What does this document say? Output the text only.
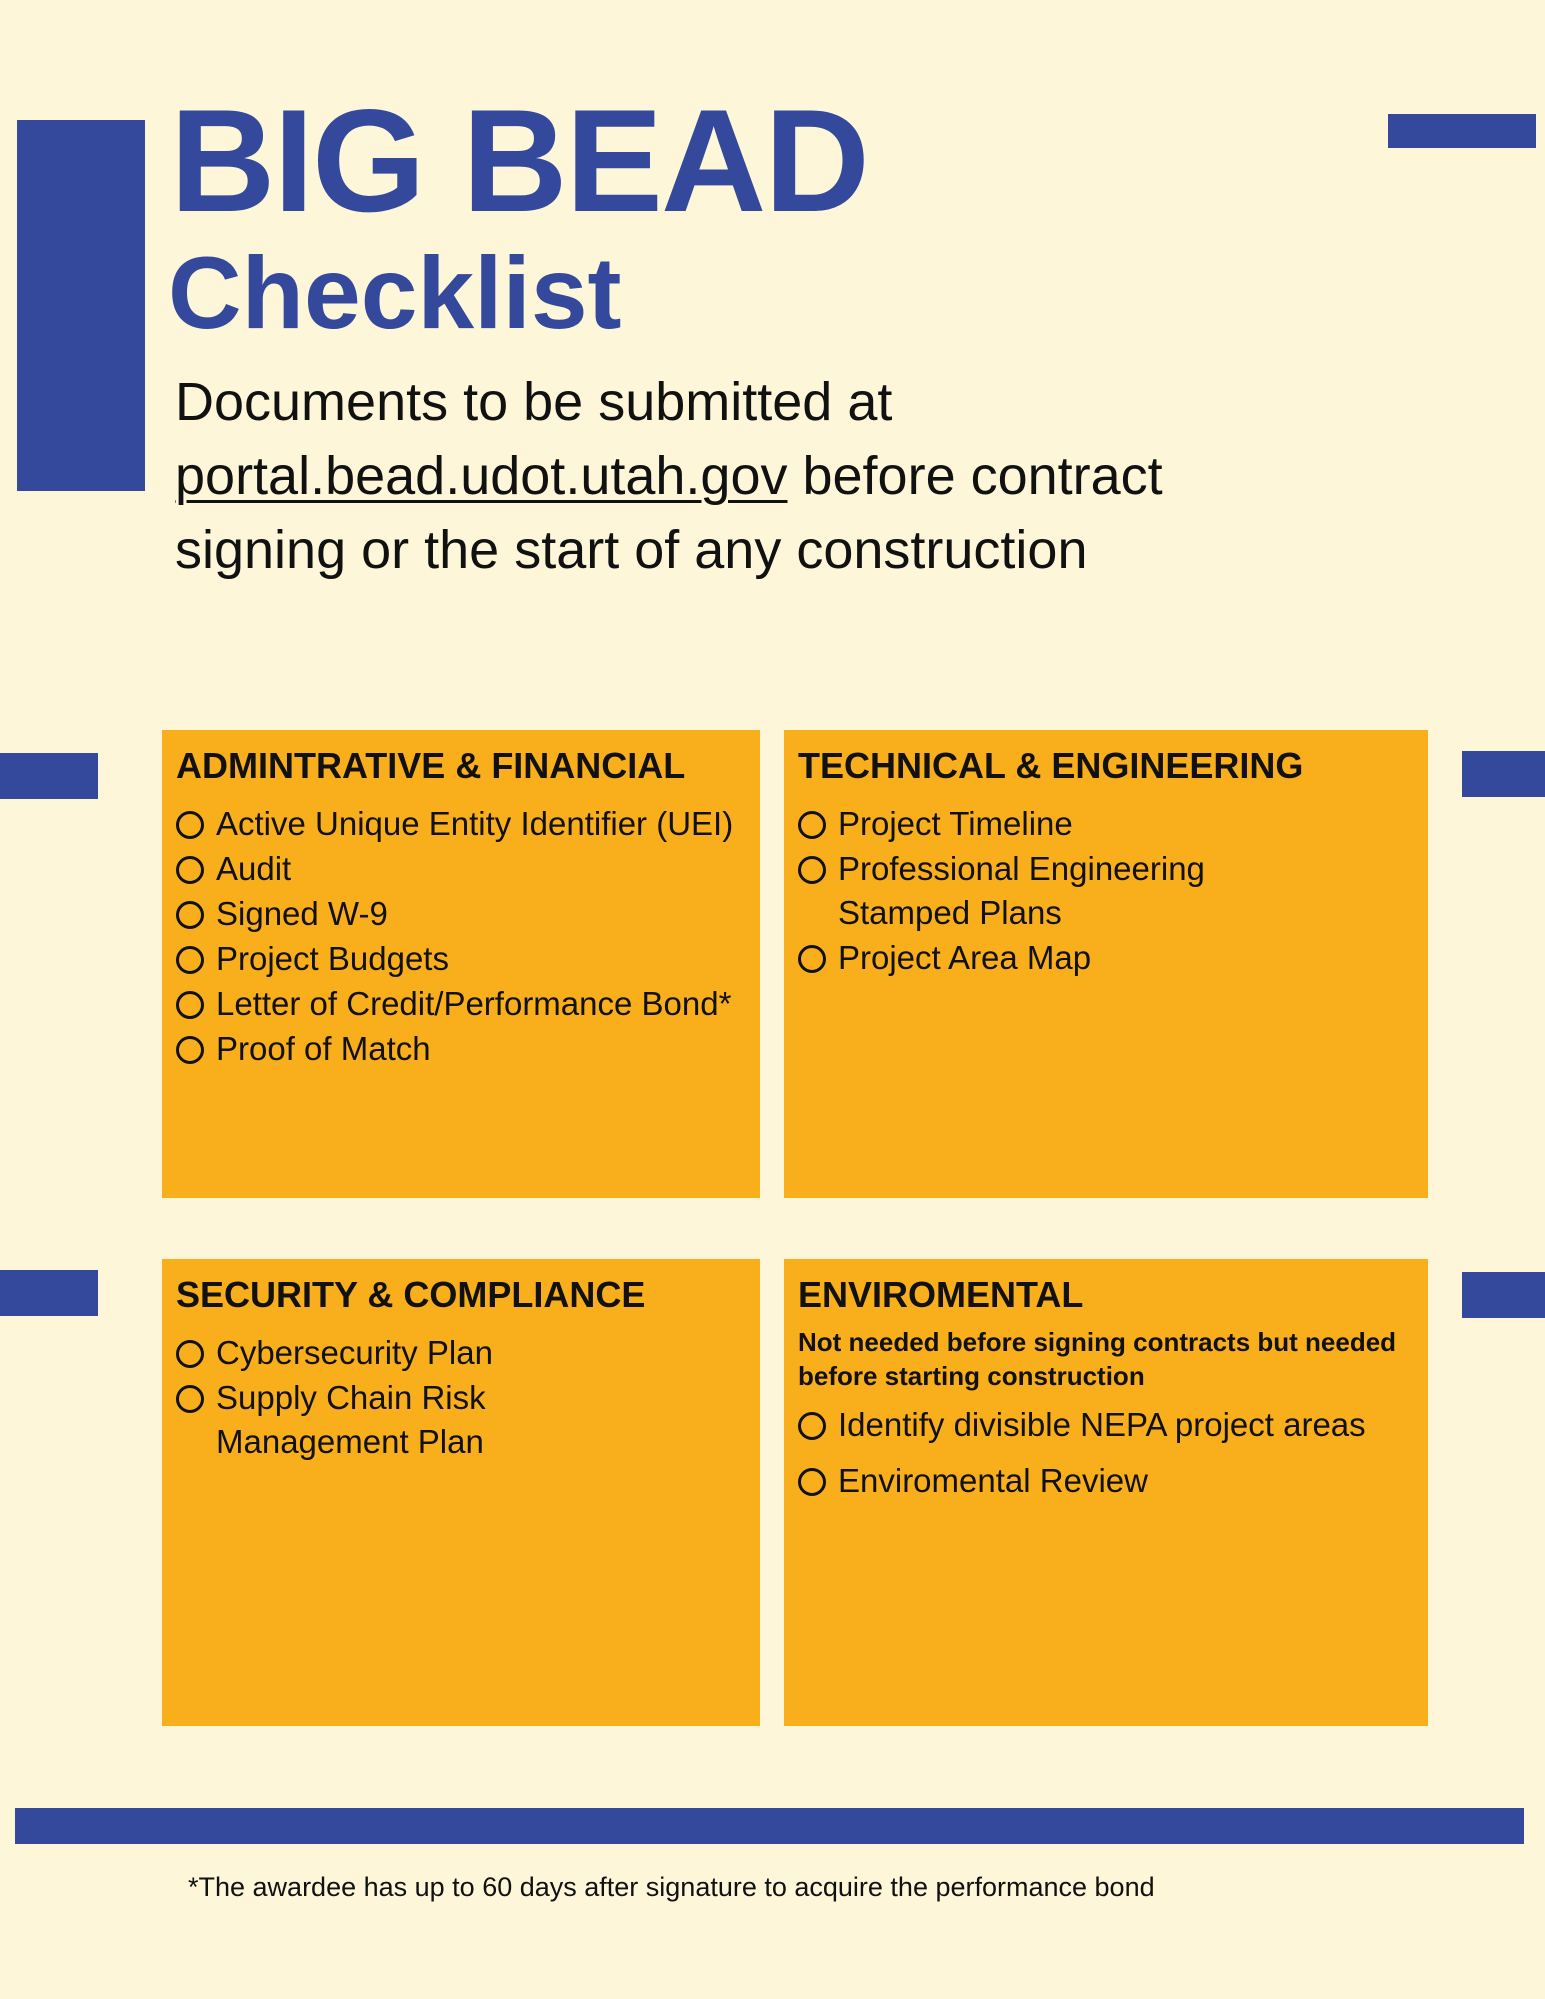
BIG BEAD
Checklist

Documents to be submitted at portal.bead.udot.utah.gov before contract signing or the start of any construction

ADMINTRATIVE & FINANCIAL
Active Unique Entity Identifier (UEI)
Audit
Signed W-9
Project Budgets
Letter of Credit/Performance Bond*
Proof of Match
TECHNICAL & ENGINEERING
Project Timeline
Professional Engineering Stamped Plans
Project Area Map
SECURITY & COMPLIANCE
Cybersecurity Plan
Supply Chain Risk Management Plan
ENVIROMENTAL

Not needed before signing contracts but needed before starting construction

Identify divisible NEPA project areas
Enviromental Review

*The awardee has up to 60 days after signature to acquire the performance bond
